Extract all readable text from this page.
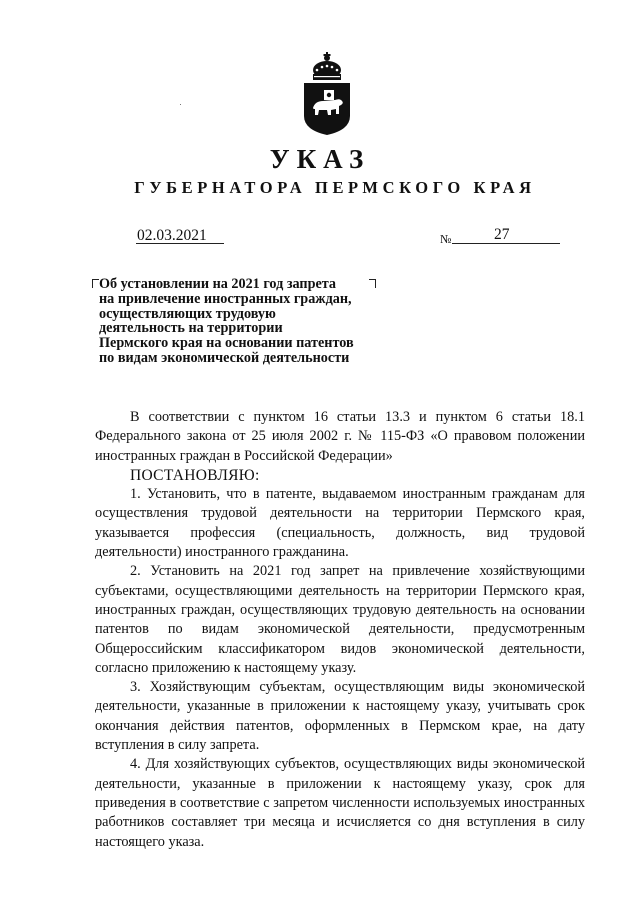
УКАЗ
ГУБЕРНАТОРА ПЕРМСКОГО КРАЯ
02.03.2021	№	27
Об установлении на 2021 год запрета
на привлечение иностранных граждан,
осуществляющих трудовую
деятельность на территории
Пермского края на основании патентов
по видам экономической деятельности

В соответствии с пунктом 16 статьи 13.3 и пунктом 6 статьи 18.1 Федерального закона от 25 июля 2002 г. № 115-ФЗ «О правовом положении иностранных граждан в Российской Федерации»

ПОСТАНОВЛЯЮ:

1. Установить, что в патенте, выдаваемом иностранным гражданам для осуществления трудовой деятельности на территории Пермского края, указывается профессия (специальность, должность, вид трудовой деятельности) иностранного гражданина.

2. Установить на 2021 год запрет на привлечение хозяйствующими субъектами, осуществляющими деятельность на территории Пермского края, иностранных граждан, осуществляющих трудовую деятельность на основании патентов по видам экономической деятельности, предусмотренным Общероссийским классификатором видов экономической деятельности, согласно приложению к настоящему указу.

3. Хозяйствующим субъектам, осуществляющим виды экономической деятельности, указанные в приложении к настоящему указу, учитывать срок окончания действия патентов, оформленных в Пермском крае, на дату вступления в силу запрета.

4. Для хозяйствующих субъектов, осуществляющих виды экономической деятельности, указанные в приложении к настоящему указу, срок для приведения в соответствие с запретом численности используемых иностранных работников составляет три месяца и исчисляется со дня вступления в силу настоящего указа.
